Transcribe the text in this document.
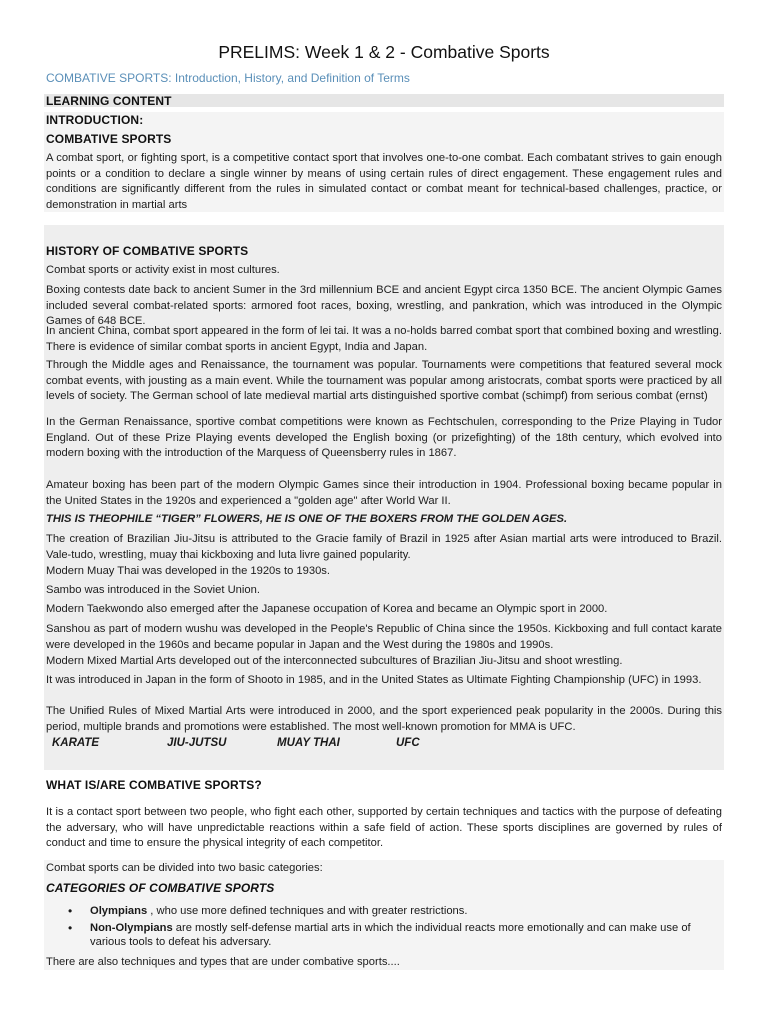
PRELIMS: Week 1 & 2 - Combative Sports
COMBATIVE SPORTS: Introduction, History, and Definition of Terms
LEARNING CONTENT
INTRODUCTION:
COMBATIVE SPORTS
A combat sport, or fighting sport, is a competitive contact sport that involves one-to-one combat. Each combatant strives to gain enough points or a condition to declare a single winner by means of using certain rules of direct engagement. These engagement rules and conditions are significantly different from the rules in simulated contact or combat meant for technical-based challenges, practice, or demonstration in martial arts
HISTORY OF COMBATIVE SPORTS
Combat sports or activity exist in most cultures.
Boxing contests date back to ancient Sumer in the 3rd millennium BCE and ancient Egypt circa 1350 BCE. The ancient Olympic Games included several combat-related sports: armored foot races, boxing, wrestling, and pankration, which was introduced in the Olympic Games of 648 BCE.
In ancient China, combat sport appeared in the form of lei tai. It was a no-holds barred combat sport that combined boxing and wrestling. There is evidence of similar combat sports in ancient Egypt, India and Japan.
Through the Middle ages and Renaissance, the tournament was popular. Tournaments were competitions that featured several mock combat events, with jousting as a main event. While the tournament was popular among aristocrats, combat sports were practiced by all levels of society. The German school of late medieval martial arts distinguished sportive combat (schimpf) from serious combat (ernst)
In the German Renaissance, sportive combat competitions were known as Fechtschulen, corresponding to the Prize Playing in Tudor England. Out of these Prize Playing events developed the English boxing (or prizefighting) of the 18th century, which evolved into modern boxing with the introduction of the Marquess of Queensberry rules in 1867.
Amateur boxing has been part of the modern Olympic Games since their introduction in 1904. Professional boxing became popular in the United States in the 1920s and experienced a "golden age" after World War II.
THIS IS THEOPHILE “TIGER” FLOWERS, HE IS ONE OF THE BOXERS FROM THE GOLDEN AGES.
The creation of Brazilian Jiu-Jitsu is attributed to the Gracie family of Brazil in 1925 after Asian martial arts were introduced to Brazil. Vale-tudo, wrestling, muay thai kickboxing and luta livre gained popularity.
Modern Muay Thai was developed in the 1920s to 1930s.
Sambo was introduced in the Soviet Union.
Modern Taekwondo also emerged after the Japanese occupation of Korea and became an Olympic sport in 2000.
Sanshou as part of modern wushu was developed in the People's Republic of China since the 1950s. Kickboxing and full contact karate were developed in the 1960s and became popular in Japan and the West during the 1980s and 1990s.
Modern Mixed Martial Arts developed out of the interconnected subcultures of Brazilian Jiu-Jitsu and shoot wrestling.
It was introduced in Japan in the form of Shooto in 1985, and in the United States as Ultimate Fighting Championship (UFC) in 1993.
The Unified Rules of Mixed Martial Arts were introduced in 2000, and the sport experienced peak popularity in the 2000s. During this period, multiple brands and promotions were established. The most well-known promotion for MMA is UFC.
KARATE	JIU-JUTSU	MUAY THAI	UFC
WHAT IS/ARE COMBATIVE SPORTS?
It is a contact sport between two people, who fight each other, supported by certain techniques and tactics with the purpose of defeating the adversary, who will have unpredictable reactions within a safe field of action. These sports disciplines are governed by rules of conduct and time to ensure the physical integrity of each competitor.
Combat sports can be divided into two basic categories:
CATEGORIES OF COMBATIVE SPORTS
• Olympians , who use more defined techniques and with greater restrictions.
• Non-Olympians are mostly self-defense martial arts in which the individual reacts more emotionally and can make use of various tools to defeat his adversary.
There are also techniques and types that are under combative sports....
